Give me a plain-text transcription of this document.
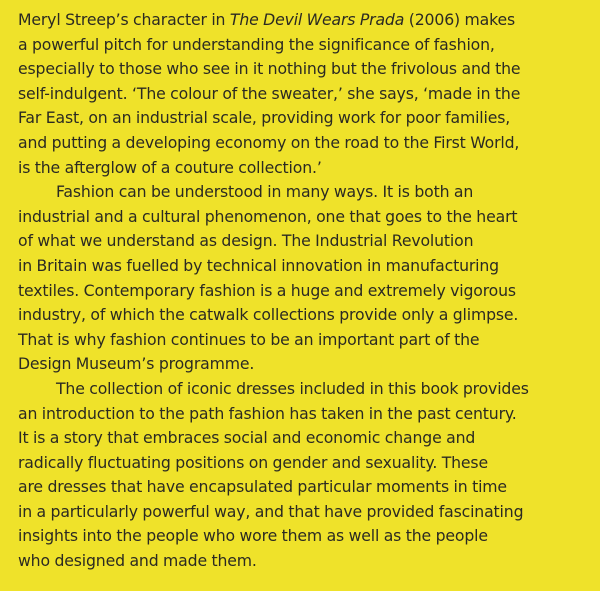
Meryl Streep’s character in The Devil Wears Prada (2006) makes
a powerful pitch for understanding the significance of fashion,
especially to those who see in it nothing but the frivolous and the
self-indulgent. ‘The colour of the sweater,’ she says, ‘made in the
Far East, on an industrial scale, providing work for poor families,
and putting a developing economy on the road to the First World,
is the afterglow of a couture collection.’

Fashion can be understood in many ways. It is both an
industrial and a cultural phenomenon, one that goes to the heart
of what we understand as design. The Industrial Revolution
in Britain was fuelled by technical innovation in manufacturing
textiles. Contemporary fashion is a huge and extremely vigorous
industry, of which the catwalk collections provide only a glimpse.
That is why fashion continues to be an important part of the
Design Museum’s programme.

The collection of iconic dresses included in this book provides
an introduction to the path fashion has taken in the past century.
It is a story that embraces social and economic change and
radically fluctuating positions on gender and sexuality. These
are dresses that have encapsulated particular moments in time
in a particularly powerful way, and that have provided fascinating
insights into the people who wore them as well as the people
who designed and made them.
